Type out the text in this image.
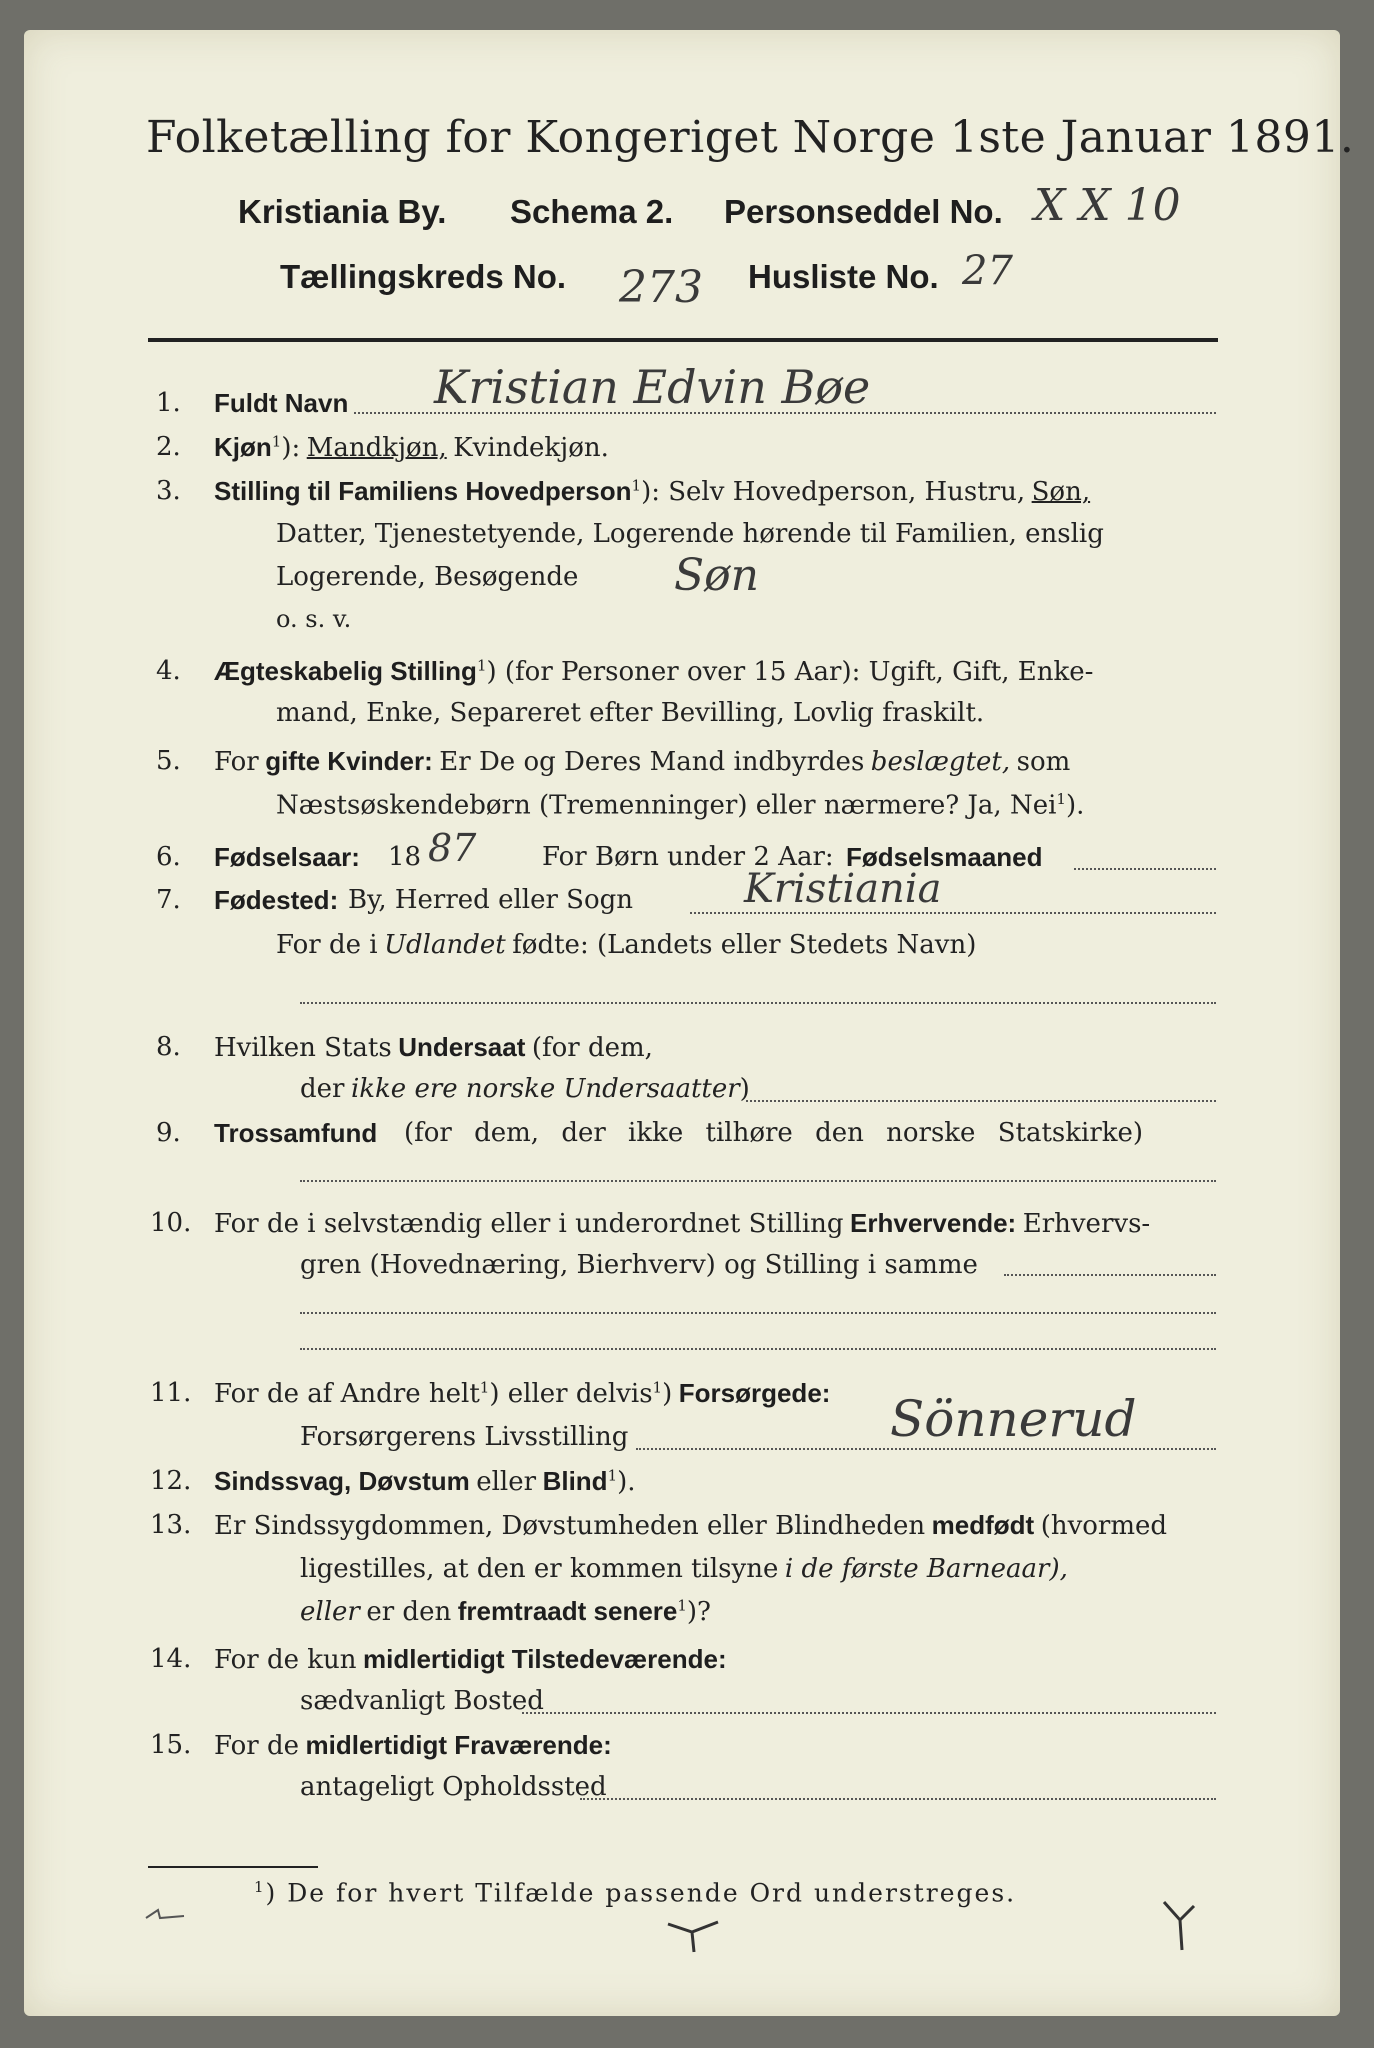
Folketælling for Kongeriget Norge 1ste Januar 1891.
Kristiania By. Schema 2. Personseddel No. X X 10
Tællingskreds No. 273 Husliste No. 27
1. Fuldt Navn Kristian Edvin Bøe
2. Kjøn$^1$): Mandkjøn, Kvindekjøn.
3. Stilling til Familiens Hovedperson$^1$): Selv Hovedperson, Hustru, Søn,
Datter, Tjenestetyende, Logerende hørende til Familien, enslig
Logerende, Besøgende Søn
o. s. v.
4. Ægteskabelig Stilling$^1$) (for Personer over 15 Aar): Ugift, Gift, Enke-
mand, Enke, Separeret efter Bevilling, Lovlig fraskilt.
5. For gifte Kvinder: Er De og Deres Mand indbyrdes beslægtet, som
Næstsøskendebørn (Tremenninger) eller nærmere? Ja, Nei$^1$).
6. Fødselsaar: 18 87	For Børn under 2 Aar: Fødselsmaaned
7. Fødested: By, Herred eller Sogn	Kristiania
For de i Udlandet fødte: (Landets eller Stedets Navn)
8. Hvilken Stats Undersaat (for dem,
der ikke ere norske Undersaatter)
9. Trossamfund (for dem, der ikke tilhøre den norske Statskirke)
10. For de i selvstændig eller i underordnet Stilling Erhvervende: Erhvervs-
gren (Hovednæring, Bierhverv) og Stilling i samme
11. For de af Andre helt$^1$) eller delvis$^1$) Forsørgede:
Forsørgerens Livsstilling	Sönnerud
12. Sindssvag, Døvstum eller Blind$^1$).
13. Er Sindssygdommen, Døvstumheden eller Blindheden medfødt (hvormed
ligestilles, at den er kommen tilsyne i de første Barneaar),
eller er den fremtraadt senere$^1$)?
14. For de kun midlertidigt Tilstedeværende:
sædvanligt Bosted
15. For de midlertidigt Fraværende:
antageligt Opholdssted
$^1$) De for hvert Tilfælde passende Ord understreges.
